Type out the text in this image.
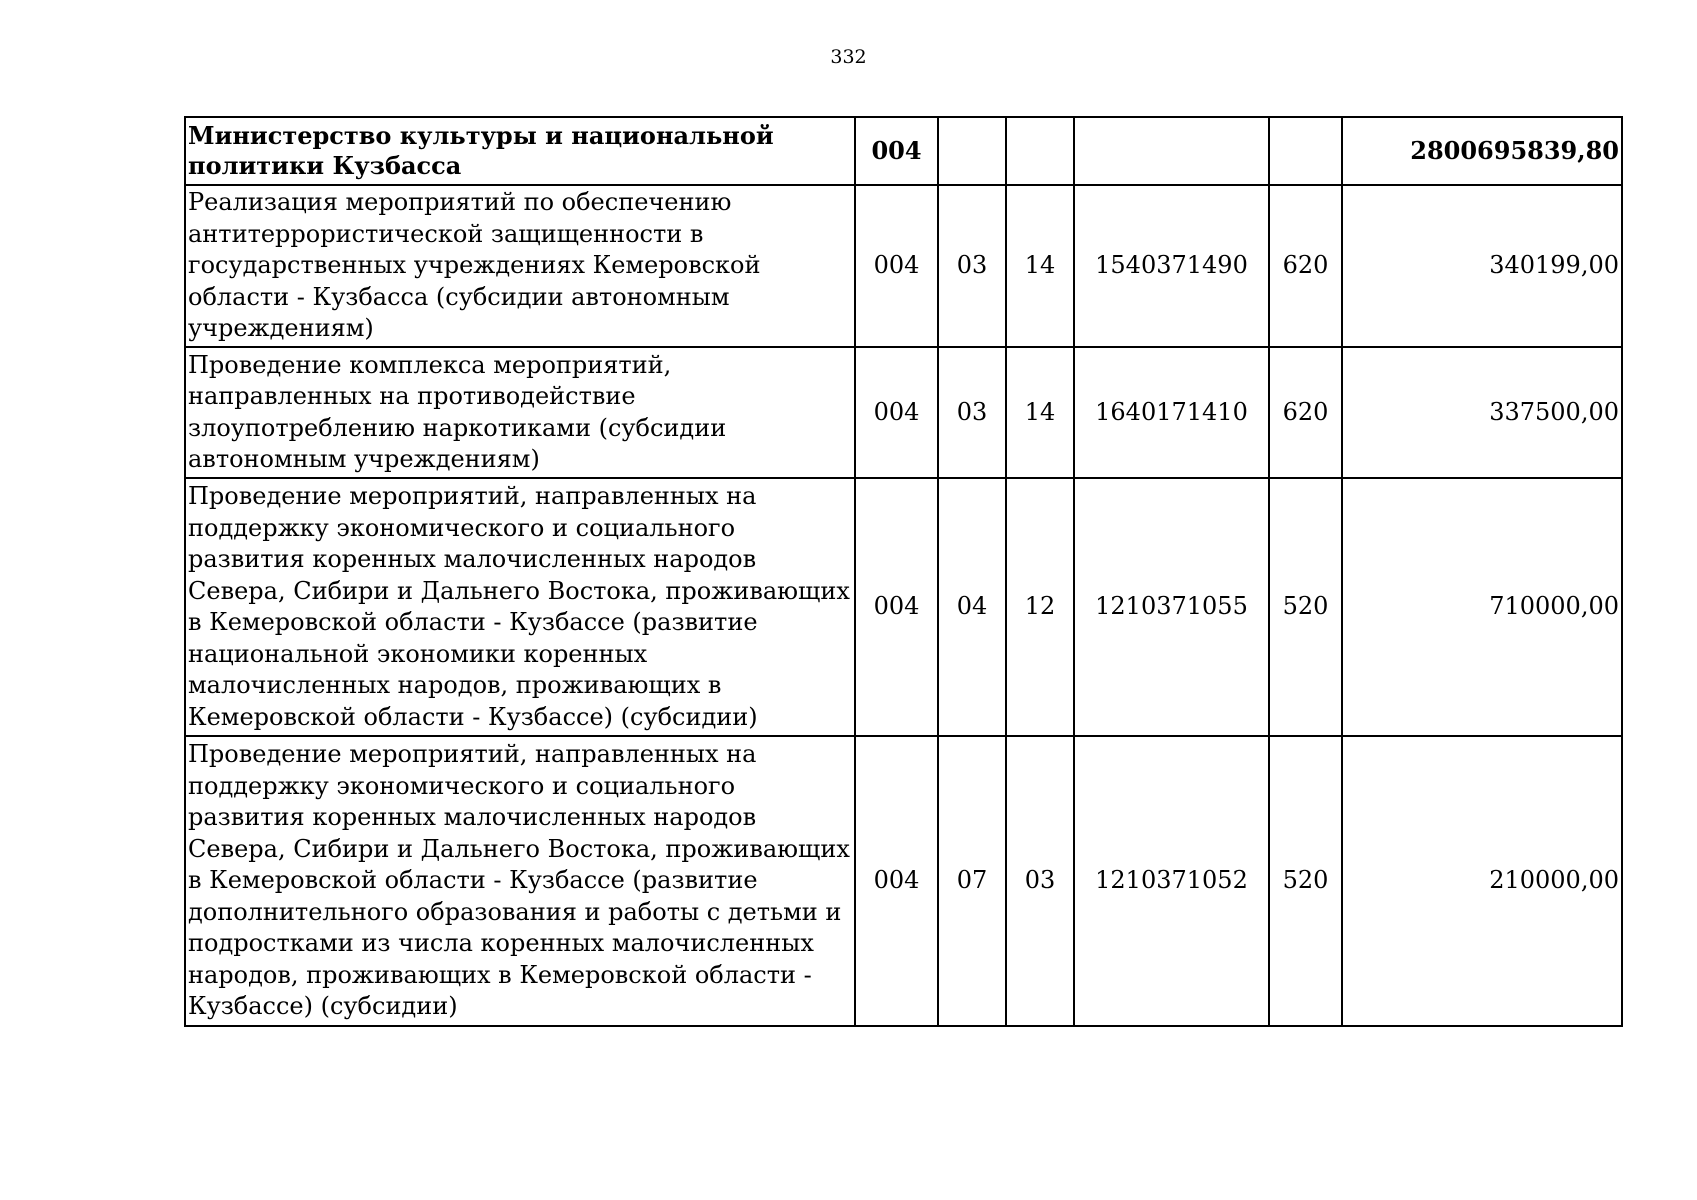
332
Министерство культуры и национальной политики Кузбасса	004					2800695839,80
Реализация мероприятий по обеспечению антитеррористической защищенности в государственных учреждениях Кемеровской области - Кузбасса (субсидии автономным учреждениям)	004	03	14	1540371490	620	340199,00
Проведение комплекса мероприятий, направленных на противодействие злоупотреблению наркотиками (субсидии автономным учреждениям)	004	03	14	1640171410	620	337500,00
Проведение мероприятий, направленных на поддержку экономического и социального развития коренных малочисленных народов Севера, Сибири и Дальнего Востока, проживающих в Кемеровской области - Кузбассе (развитие национальной экономики коренных малочисленных народов, проживающих в Кемеровской области - Кузбассе) (субсидии)	004	04	12	1210371055	520	710000,00
Проведение мероприятий, направленных на поддержку экономического и социального развития коренных малочисленных народов Севера, Сибири и Дальнего Востока, проживающих в Кемеровской области - Кузбассе (развитие дополнительного образования и работы с детьми и подростками из числа коренных малочисленных народов, проживающих в Кемеровской области - Кузбассе) (субсидии)	004	07	03	1210371052	520	210000,00
